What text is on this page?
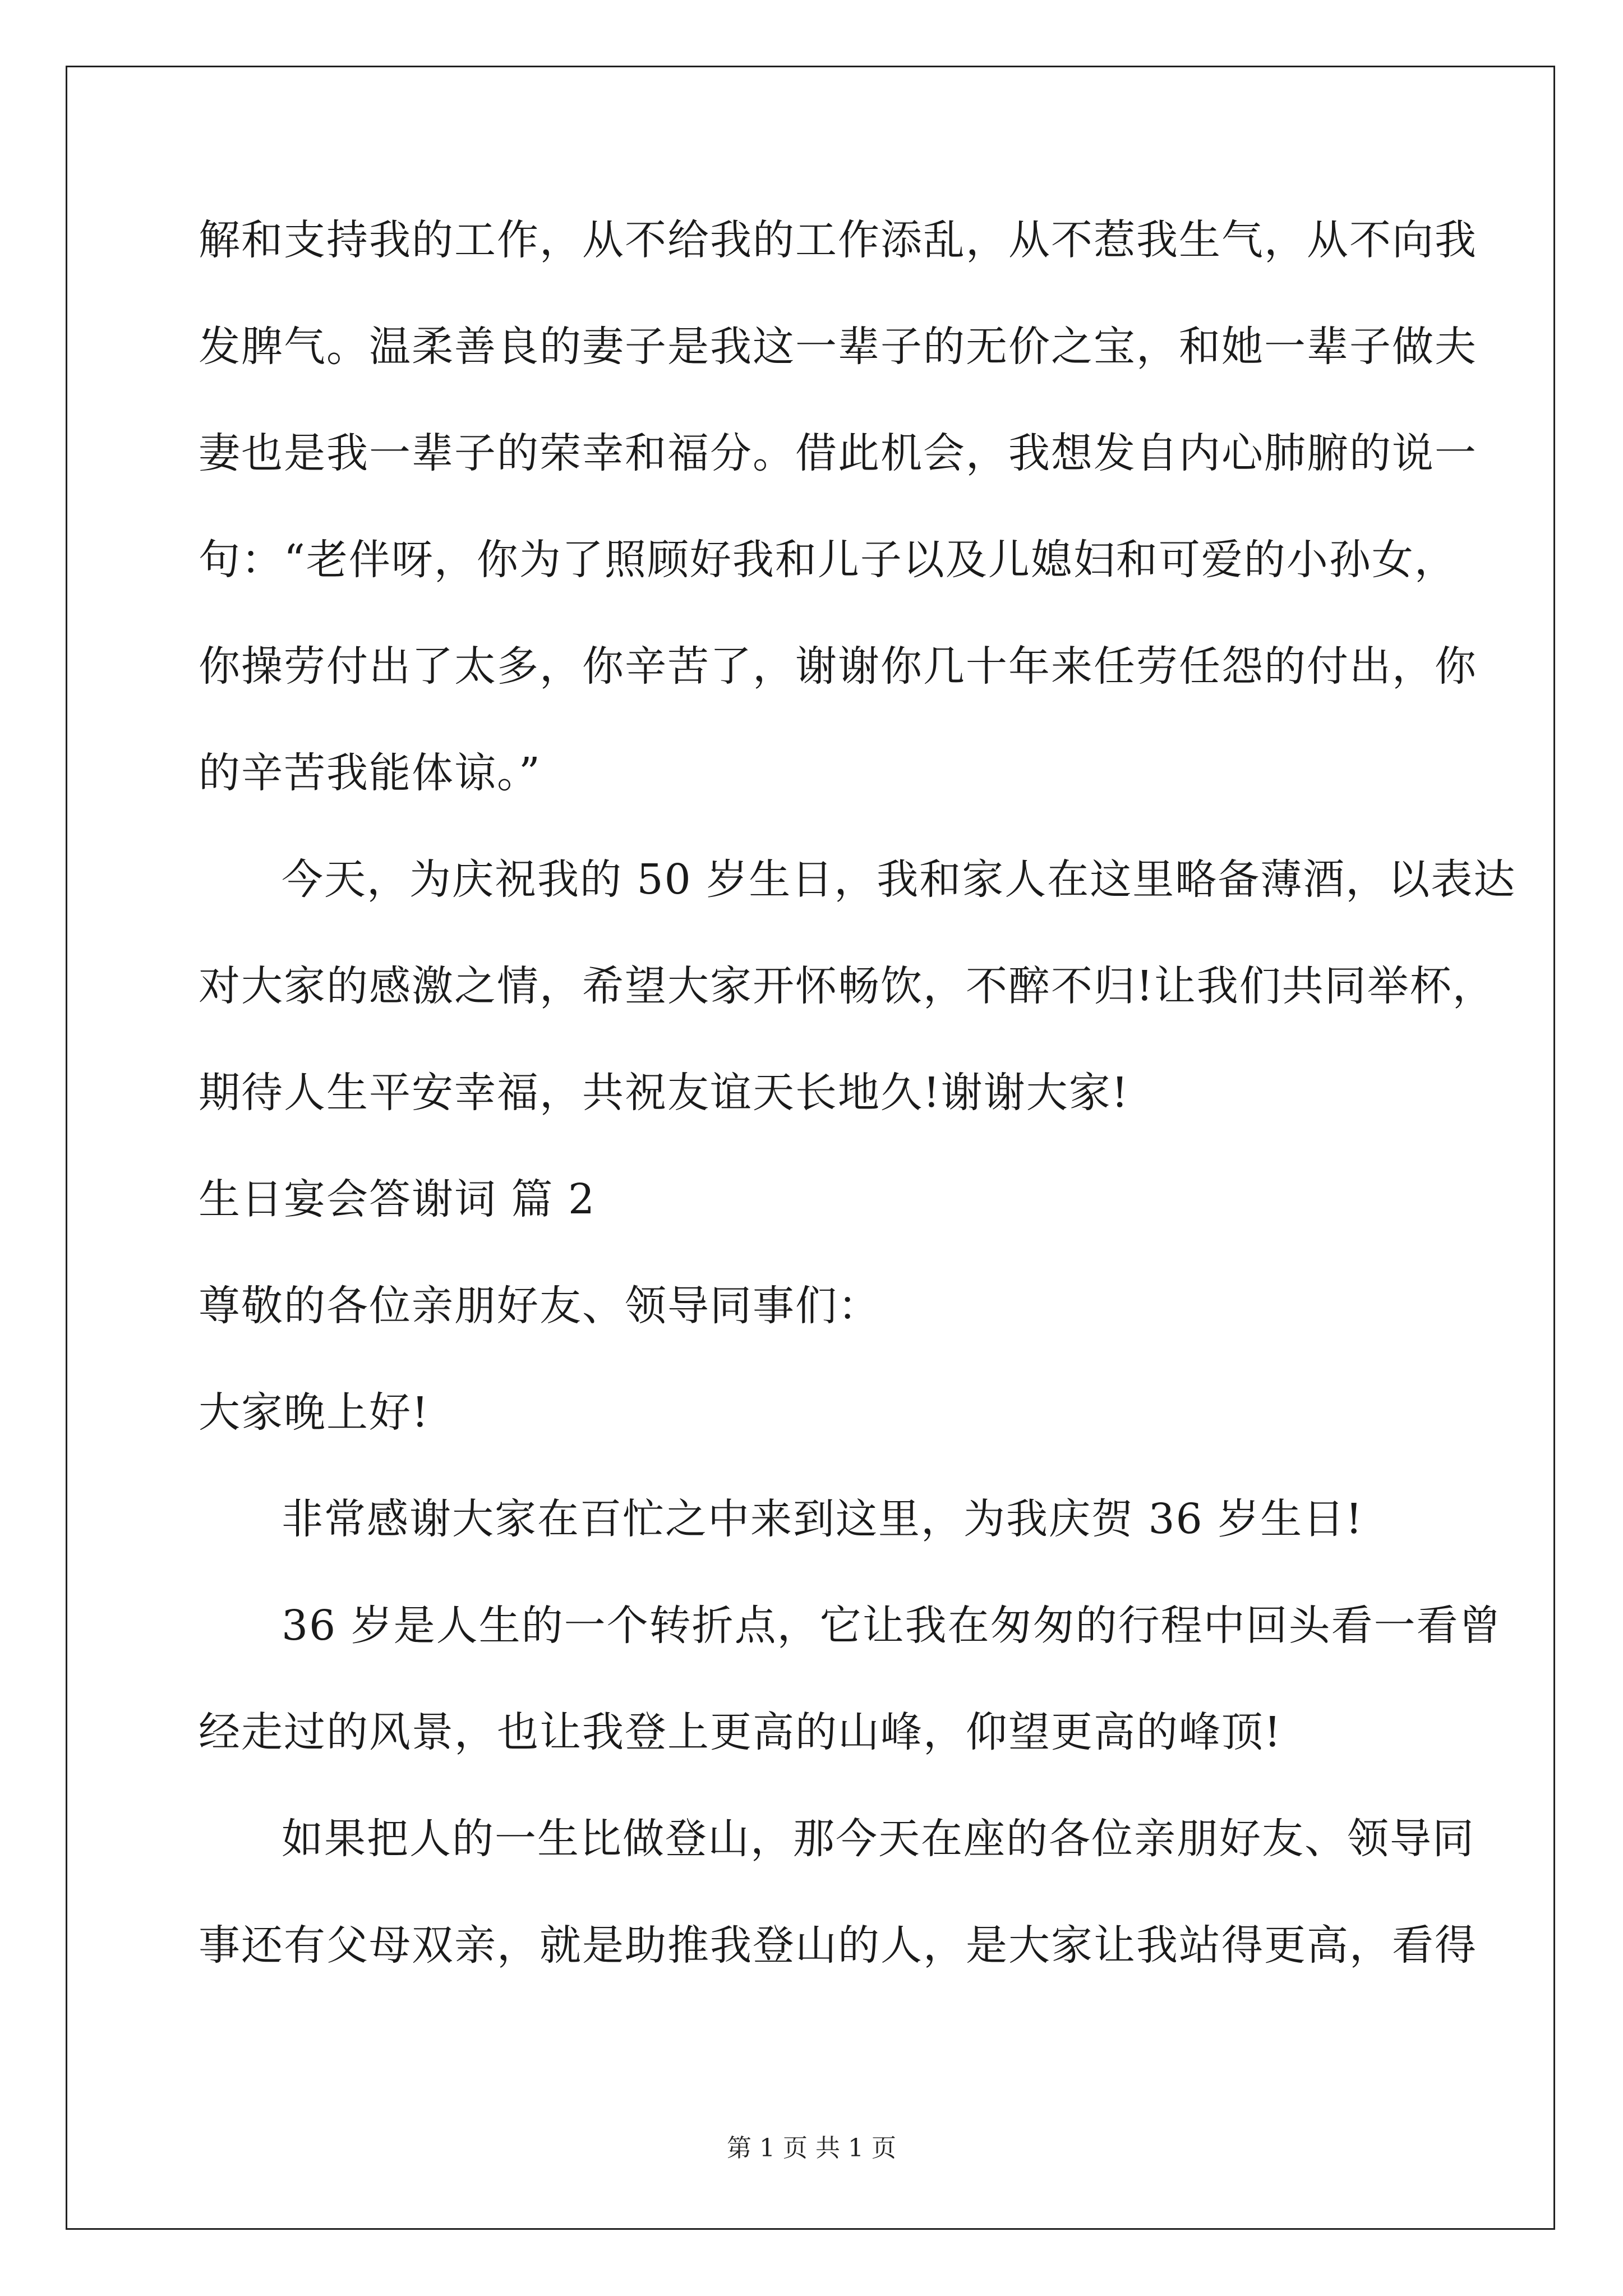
解和支持我的工作，从不给我的工作添乱，从不惹我生气，从不向我
发脾气。温柔善良的妻子是我这一辈子的无价之宝，和她一辈子做夫
妻也是我一辈子的荣幸和福分。借此机会，我想发自内心肺腑的说一
句：“老伴呀，你为了照顾好我和儿子以及儿媳妇和可爱的小孙女，
你操劳付出了太多，你辛苦了，谢谢你几十年来任劳任怨的付出，你
的辛苦我能体谅。”
今天，为庆祝我的 50 岁生日，我和家人在这里略备薄酒，以表达
对大家的感激之情，希望大家开怀畅饮，不醉不归!让我们共同举杯，
期待人生平安幸福，共祝友谊天长地久!谢谢大家!
生日宴会答谢词 篇 2
尊敬的各位亲朋好友、领导同事们：
大家晚上好!
非常感谢大家在百忙之中来到这里，为我庆贺 36 岁生日!
36 岁是人生的一个转折点，它让我在匆匆的行程中回头看一看曾
经走过的风景，也让我登上更高的山峰，仰望更高的峰顶!
如果把人的一生比做登山，那今天在座的各位亲朋好友、领导同
事还有父母双亲，就是助推我登山的人，是大家让我站得更高，看得
第 1 页 共 1 页
